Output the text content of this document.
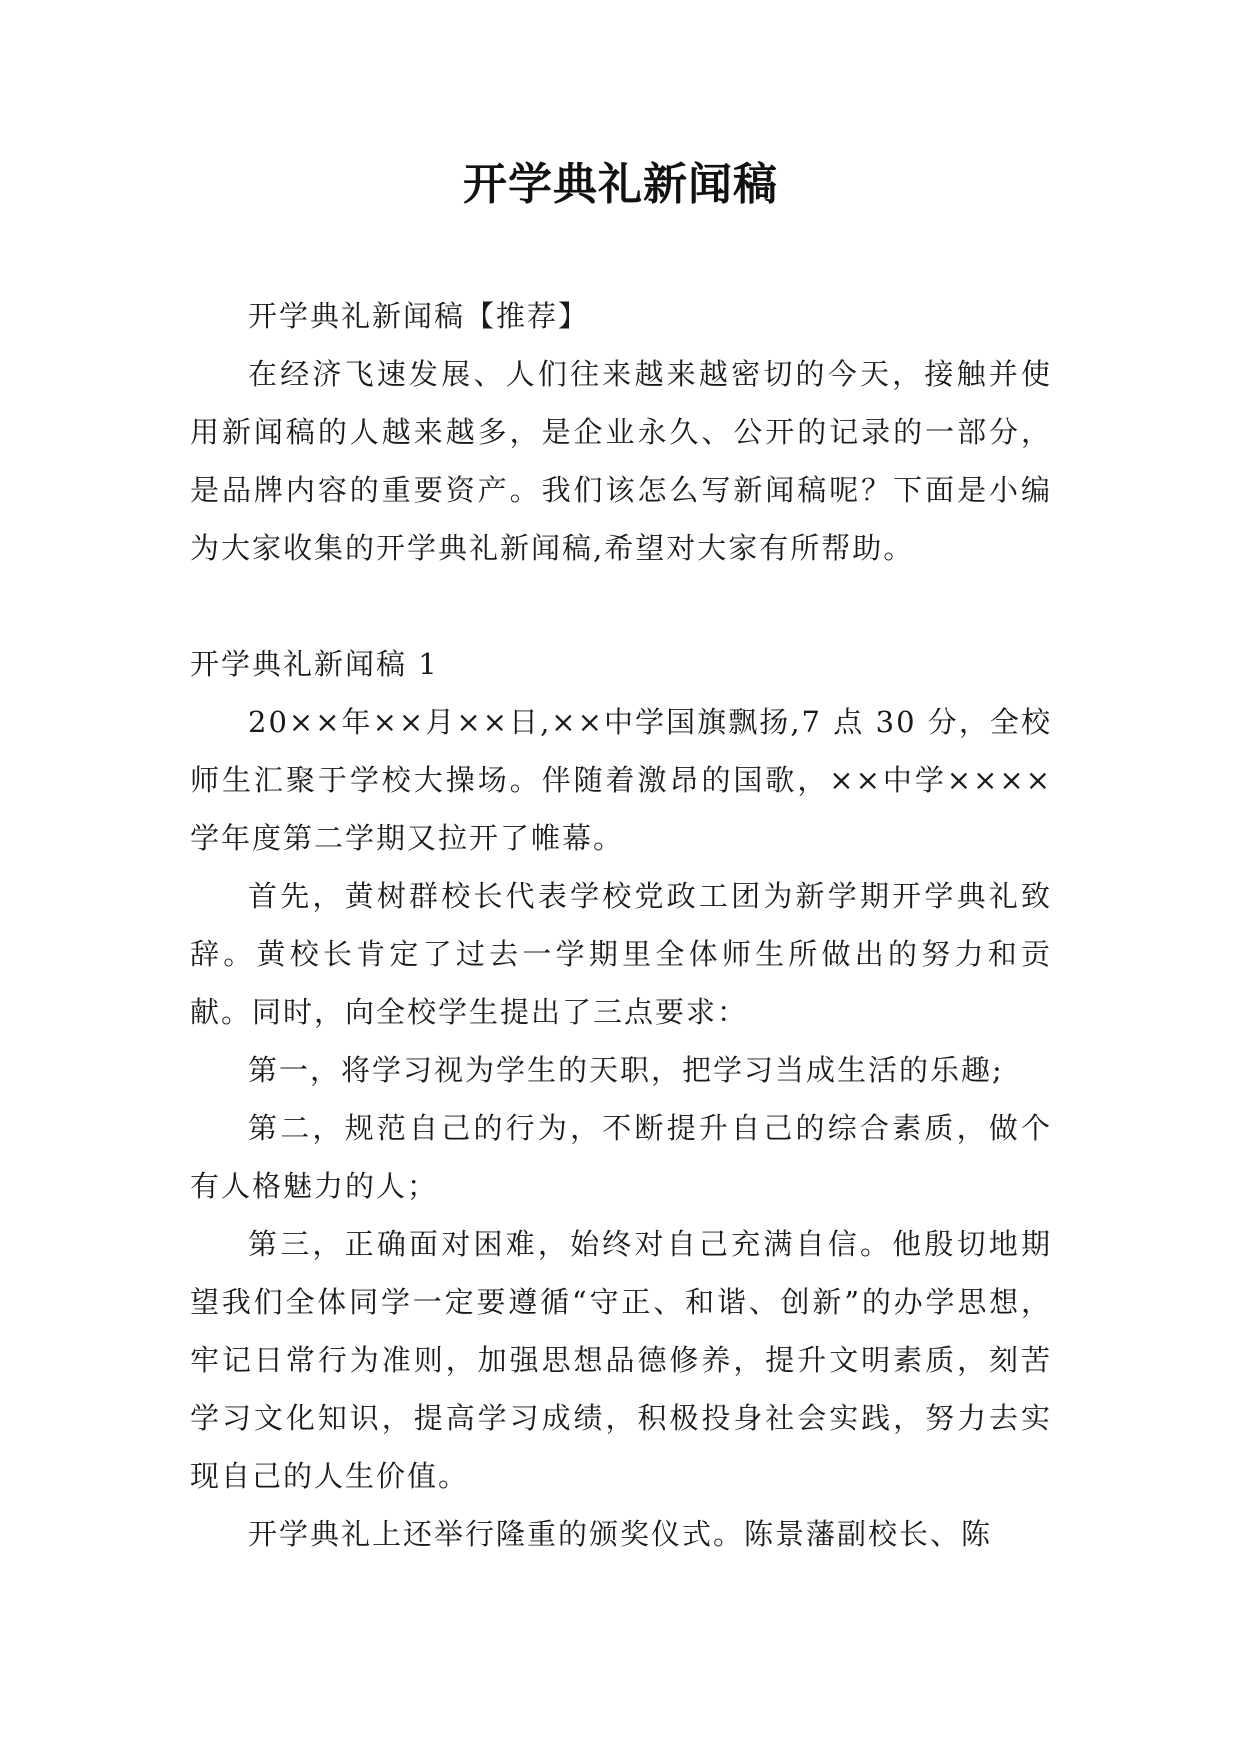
开学典礼新闻稿

开学典礼新闻稿【推荐】

在经济飞速发展、人们往来越来越密切的今天，接触并使用新闻稿的人越来越多，是企业永久、公开的记录的一部分，是品牌内容的重要资产。我们该怎么写新闻稿呢？下面是小编为大家收集的开学典礼新闻稿,希望对大家有所帮助。

开学典礼新闻稿 1

20××年××月××日,××中学国旗飘扬,7 点 30 分，全校师生汇聚于学校大操场。伴随着激昂的国歌，××中学××××学年度第二学期又拉开了帷幕。

首先，黄树群校长代表学校党政工团为新学期开学典礼致辞。黄校长肯定了过去一学期里全体师生所做出的努力和贡献。同时，向全校学生提出了三点要求：

第一，将学习视为学生的天职，把学习当成生活的乐趣;

第二，规范自己的行为，不断提升自己的综合素质，做个有人格魅力的人；

第三，正确面对困难，始终对自己充满自信。他殷切地期望我们全体同学一定要遵循“守正、和谐、创新”的办学思想，牢记日常行为准则，加强思想品德修养，提升文明素质，刻苦学习文化知识，提高学习成绩，积极投身社会实践，努力去实现自己的人生价值。

开学典礼上还举行隆重的颁奖仪式。陈景藩副校长、陈
